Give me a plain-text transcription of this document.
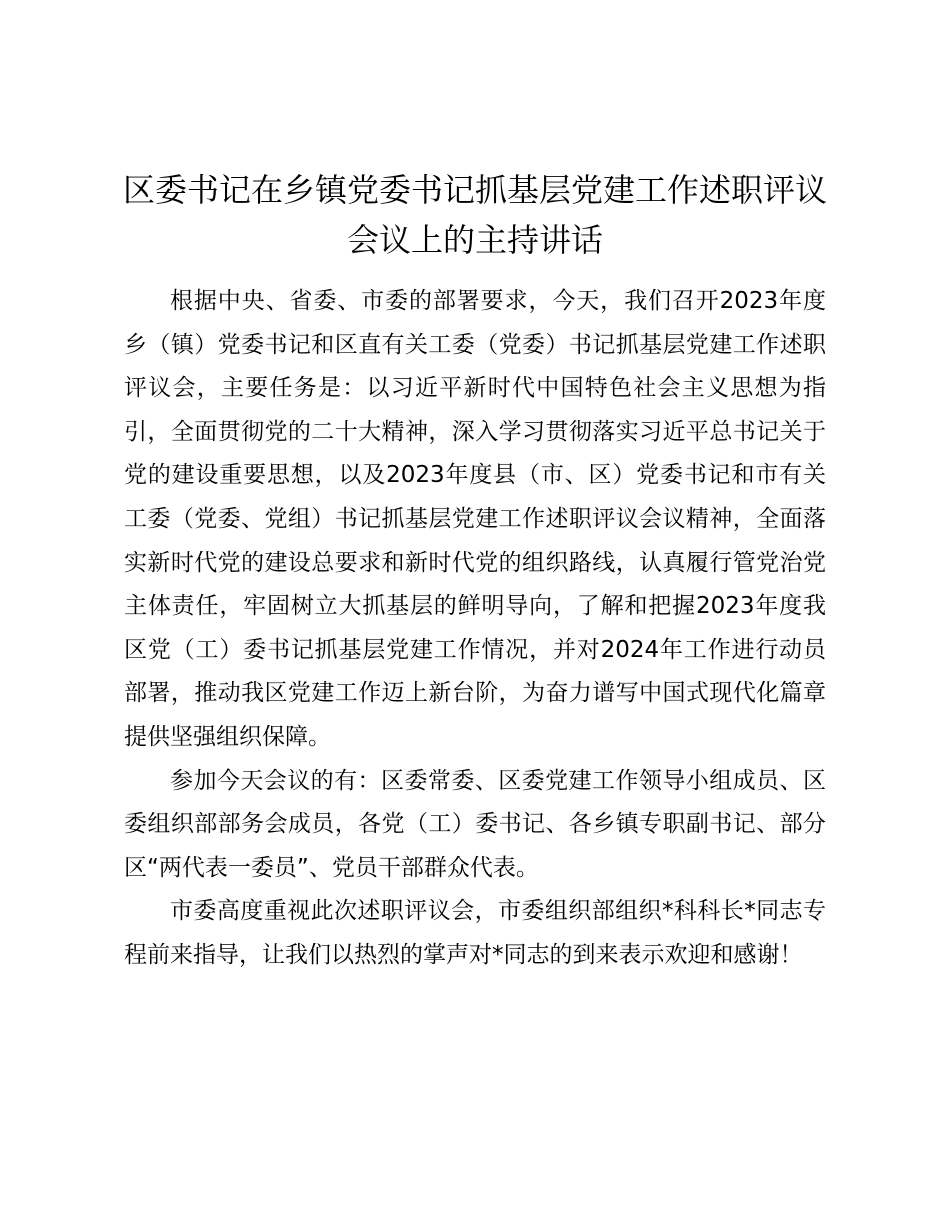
区委书记在乡镇党委书记抓基层党建工作述职评议会议上的主持讲话

根据中央、省委、市委的部署要求，今天，我们召开2023年度乡（镇）党委书记和区直有关工委（党委）书记抓基层党建工作述职评议会，主要任务是：以习近平新时代中国特色社会主义思想为指引，全面贯彻党的二十大精神，深入学习贯彻落实习近平总书记关于党的建设重要思想，以及2023年度县（市、区）党委书记和市有关工委（党委、党组）书记抓基层党建工作述职评议会议精神，全面落实新时代党的建设总要求和新时代党的组织路线，认真履行管党治党主体责任，牢固树立大抓基层的鲜明导向，了解和把握2023年度我区党（工）委书记抓基层党建工作情况，并对2024年工作进行动员部署，推动我区党建工作迈上新台阶，为奋力谱写中国式现代化篇章提供坚强组织保障。

参加今天会议的有：区委常委、区委党建工作领导小组成员、区委组织部部务会成员，各党（工）委书记、各乡镇专职副书记、部分区“两代表一委员”、党员干部群众代表。

市委高度重视此次述职评议会，市委组织部组织*科科长*同志专程前来指导，让我们以热烈的掌声对*同志的到来表示欢迎和感谢！
